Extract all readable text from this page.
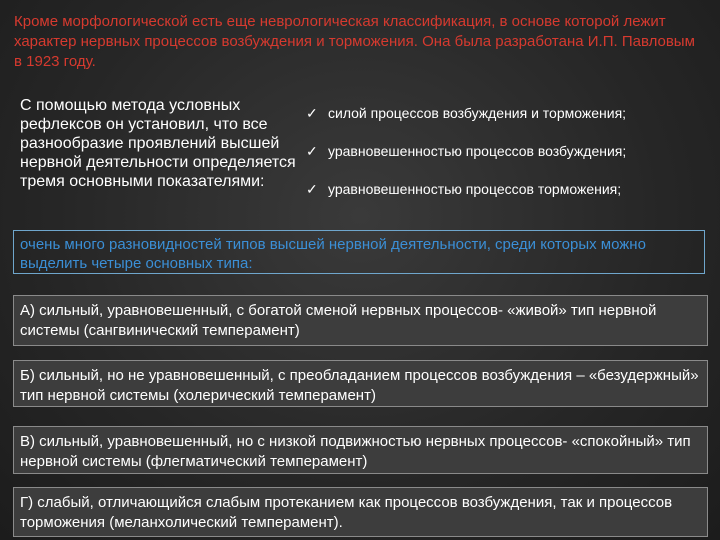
Кроме морфологической есть еще неврологическая классификация, в основе которой лежит характер нервных процессов возбуждения и торможения. Она была разработана И.П. Павловым в 1923 году.

С помощью метода условных рефлексов он установил, что все разнообразие проявлений высшей нервной деятельности определяется тремя основными показателями:

✓ силой процессов возбуждения и торможения;
✓ уравновешенностью процессов возбуждения;
✓ уравновешенностью процессов торможения;

очень много разновидностей типов высшей нервной деятельности, среди которых можно выделить четыре основных типа:

А) сильный, уравновешенный, с богатой сменой нервных процессов- «живой» тип нервной системы (сангвинический темперамент)
Б) сильный, но не уравновешенный, с преобладанием процессов возбуждения – «безудержный» тип нервной системы (холерический темперамент)
В) сильный, уравновешенный, но с низкой подвижностью нервных процессов- «спокойный» тип нервной системы (флегматический темперамент)
Г) слабый, отличающийся слабым протеканием как процессов возбуждения, так и процессов торможения (меланхолический темперамент).
